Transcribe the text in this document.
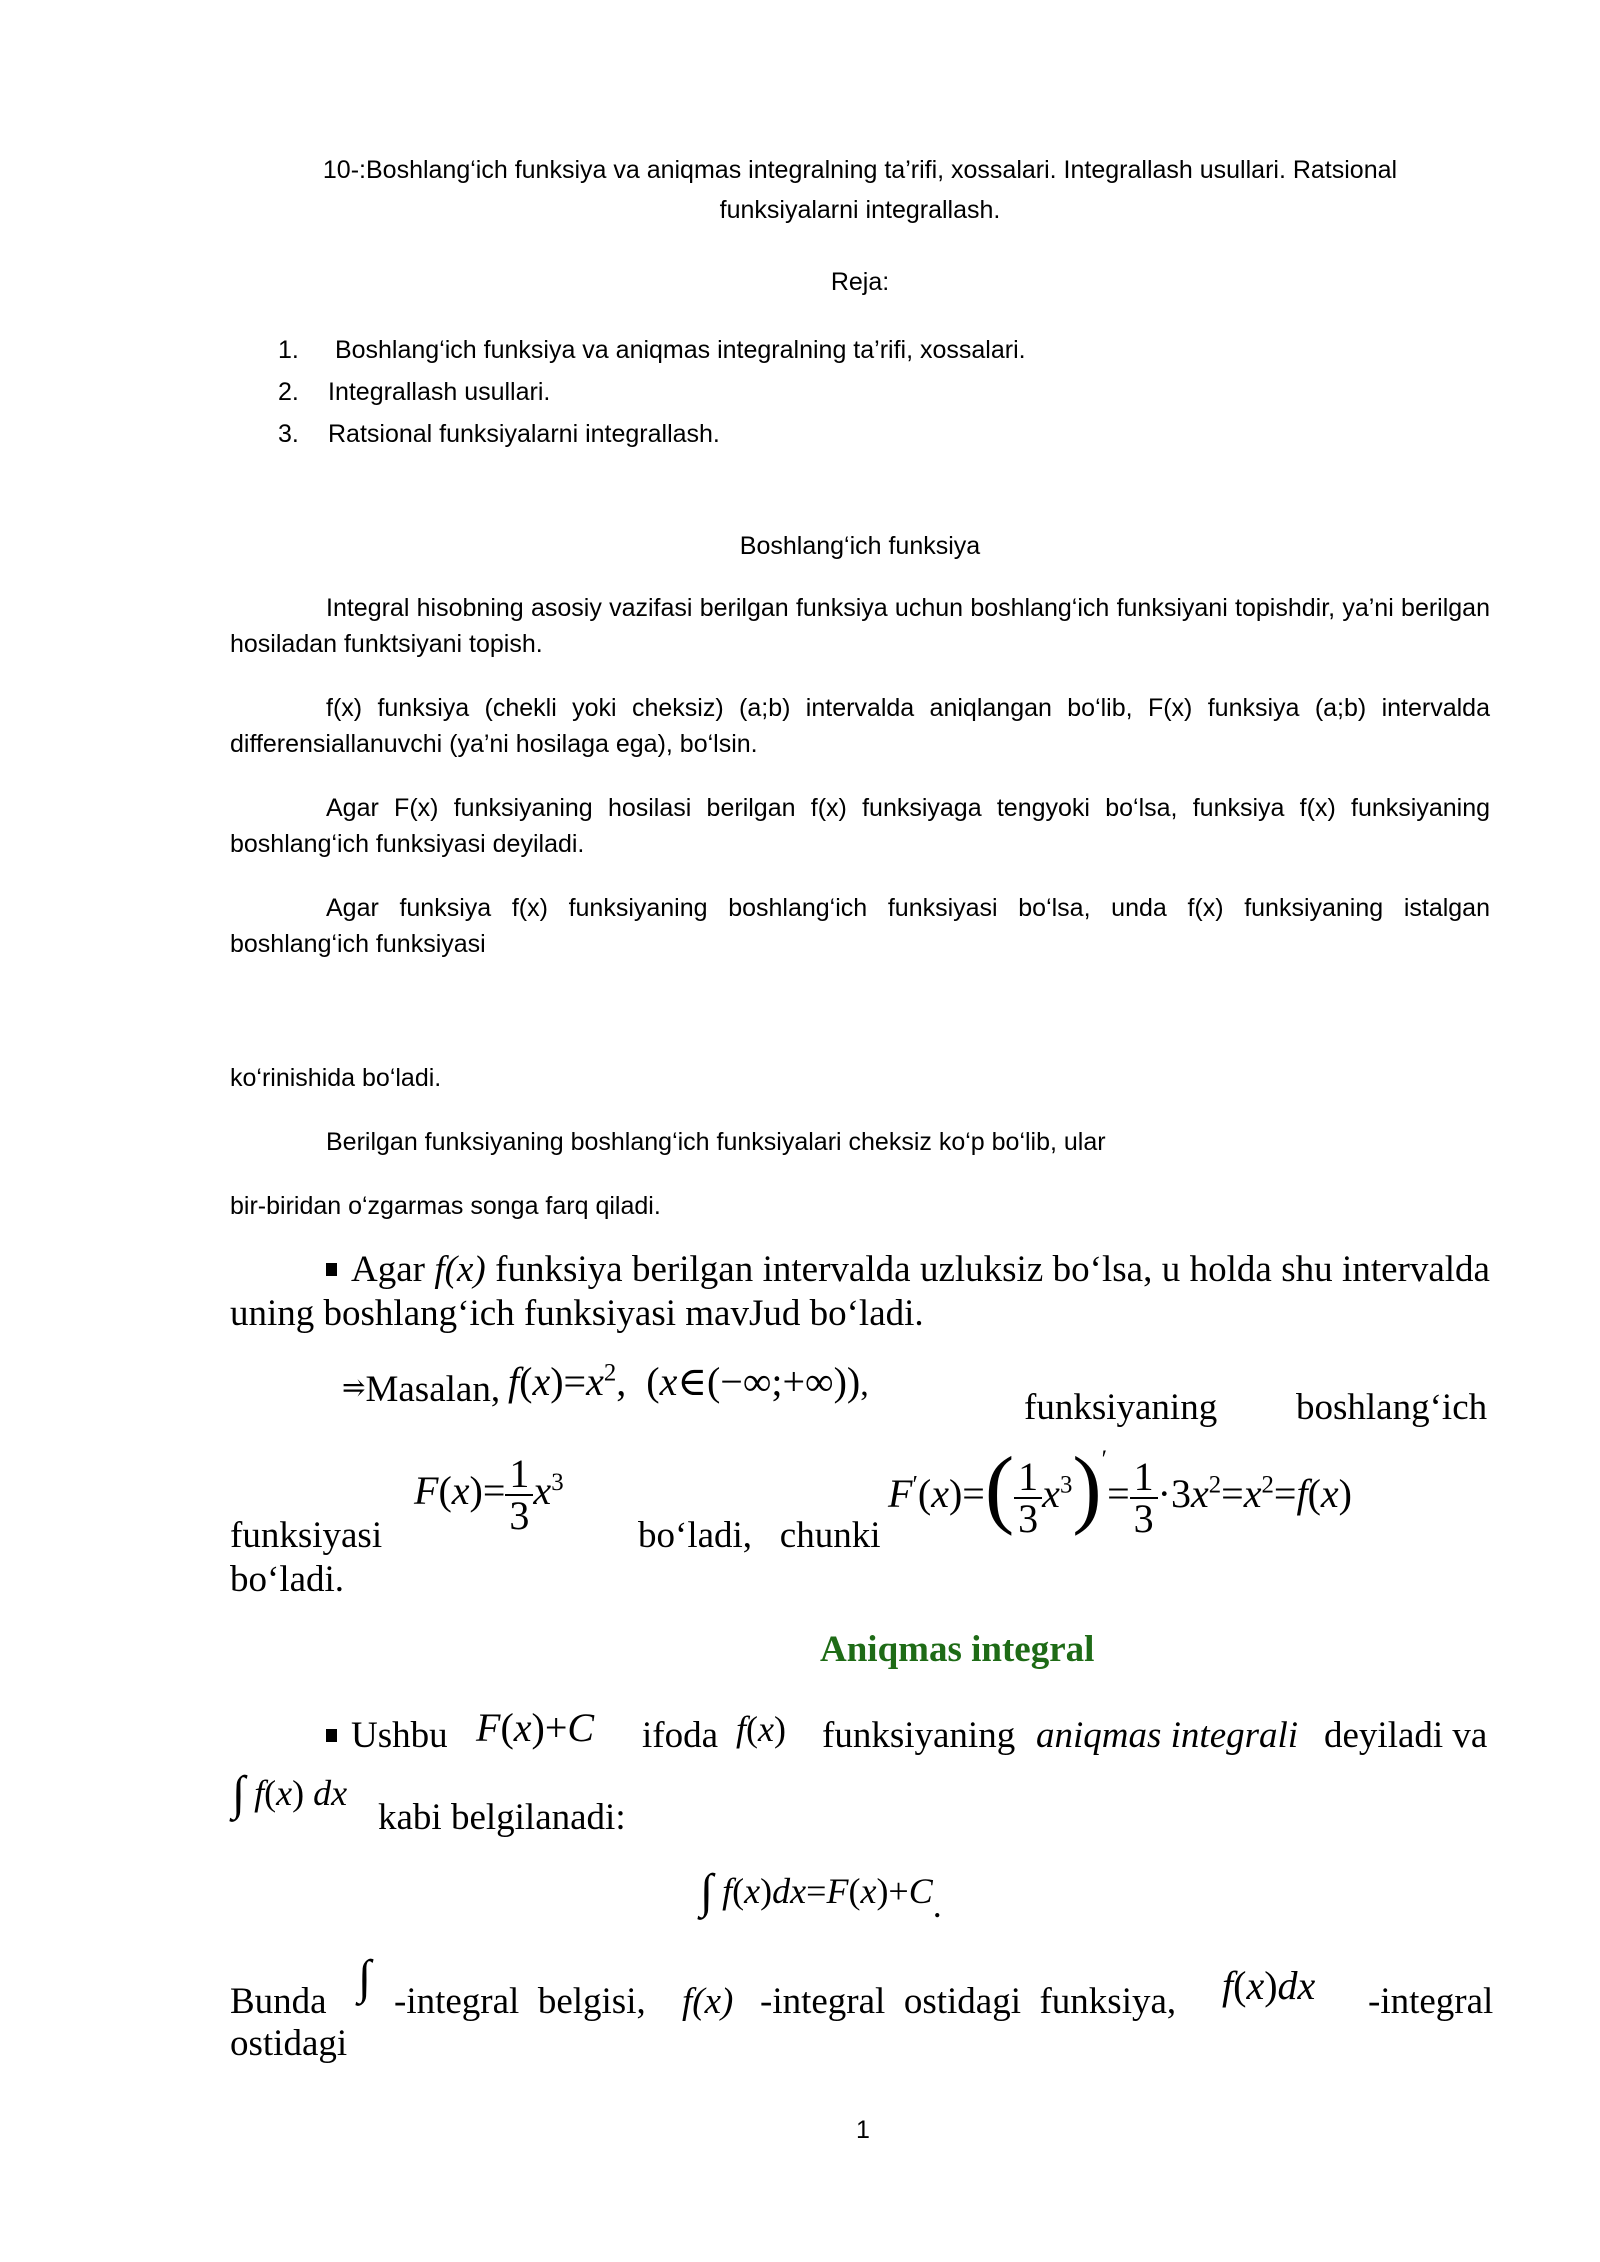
10-:Boshlang‘ich funksiya va aniqmas integralning ta’rifi, xossalari. Integrallash usullari. Ratsional
funksiyalarni integrallash.
Reja:
1. Boshlang‘ich funksiya va aniqmas integralning ta’rifi, xossalari.
2. Integrallash usullari.
3. Ratsional funksiyalarni integrallash.
Boshlang‘ich funksiya
Integral hisobning asosiy vazifasi berilgan funksiya uchun boshlang‘ich funksiyani topishdir, ya’ni berilgan hosiladan funktsiyani topish.
f(x) funksiya (chekli yoki cheksiz) (a;b) intervalda aniqlangan bo‘lib, F(x) funksiya (a;b) intervalda differensiallanuvchi (ya’ni hosilaga ega), bo‘lsin.
Agar F(x) funksiyaning hosilasi berilgan f(x) funksiyaga tengyoki bo‘lsa, funksiya f(x) funksiyaning boshlang‘ich funksiyasi deyiladi.
Agar funksiya f(x) funksiyaning boshlang‘ich funksiyasi bo‘lsa, unda f(x) funksiyaning istalgan boshlang‘ich funksiyasi
ko‘rinishida bo‘ladi.
Berilgan funksiyaning boshlang‘ich funksiyalari cheksiz ko‘p bo‘lib, ular
bir-biridan o‘zgarmas songa farq qiladi.
Agar f(x) funksiya berilgan intervalda uzluksiz bo‘lsa, u holda shu intervalda uning boshlang‘ich funksiyasi mavJud bo‘ladi.
⥤Masalan, $f(x)=x^2$,  (x∈(−∞;+∞)),
funksiyaning boshlang‘ich
$F(x)= \frac{1}{3} x^3$	$F'(x)=( \frac{1}{3} x^3)'= \frac{1}{3} \cdot 3x^2=x^2=f(x)$
funksiyasi	bo‘ladi,   chunki
bo‘ladi.
Aniqmas integral
Ushbu F(x)+C ifoda f(x) funksiyaning aniqmas integrali deyiladi va
∫ f(x) dx
kabi belgilanadi:
∫ f(x)dx=F(x)+C.
Bunda ∫ -integral  belgisi, f(x) -integral  ostidagi  funksiya, f(x)dx -integral
ostidagi
1
